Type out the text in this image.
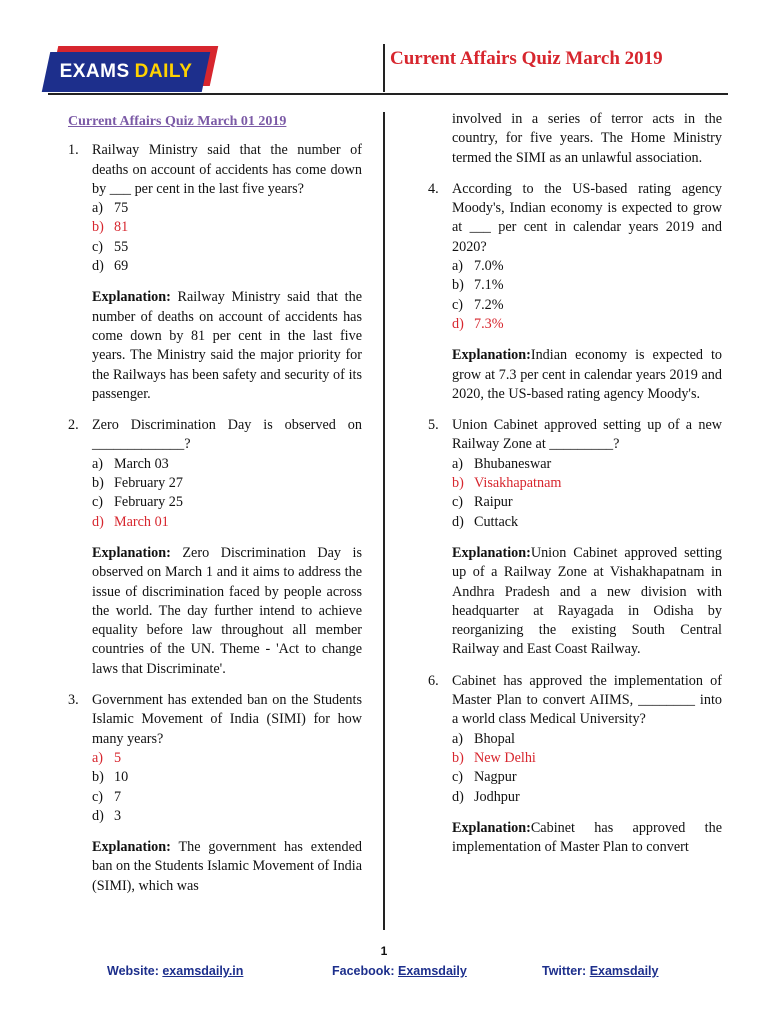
EXAMS DAILY
Current Affairs Quiz March 2019
Current Affairs Quiz March 01 2019
1. Railway Ministry said that the number of deaths on account of accidents has come down by ___ per cent in the last five years?
a) 75
b) 81
c) 55
d) 69
Explanation: Railway Ministry said that the number of deaths on account of accidents has come down by 81 per cent in the last five years. The Ministry said the major priority for the Railways has been safety and security of its passenger.
2. Zero Discrimination Day is observed on _____________?
a) March 03
b) February 27
c) February 25
d) March 01
Explanation: Zero Discrimination Day is observed on March 1 and it aims to address the issue of discrimination faced by people across the world. The day further intend to achieve equality before law throughout all member countries of the UN. Theme - 'Act to change laws that Discriminate'.
3. Government has extended ban on the Students Islamic Movement of India (SIMI) for how many years?
a) 5
b) 10
c) 7
d) 3
Explanation: The government has extended ban on the Students Islamic Movement of India (SIMI), which was
involved in a series of terror acts in the country, for five years. The Home Ministry termed the SIMI as an unlawful association.
4. According to the US-based rating agency Moody's, Indian economy is expected to grow at ___ per cent in calendar years 2019 and 2020?
a) 7.0%
b) 7.1%
c) 7.2%
d) 7.3%
Explanation:Indian economy is expected to grow at 7.3 per cent in calendar years 2019 and 2020, the US-based rating agency Moody's.
5. Union Cabinet approved setting up of a new Railway Zone at _________?
a) Bhubaneswar
b) Visakhapatnam
c) Raipur
d) Cuttack
Explanation:Union Cabinet approved setting up of a Railway Zone at Vishakhapatnam in Andhra Pradesh and a new division with headquarter at Rayagada in Odisha by reorganizing the existing South Central Railway and East Coast Railway.
6. Cabinet has approved the implementation of Master Plan to convert AIIMS, ________ into a world class Medical University?
a) Bhopal
b) New Delhi
c) Nagpur
d) Jodhpur
Explanation:Cabinet has approved the implementation of Master Plan to convert
1
Website: examsdaily.in	Facebook: Examsdaily	Twitter: Examsdaily
